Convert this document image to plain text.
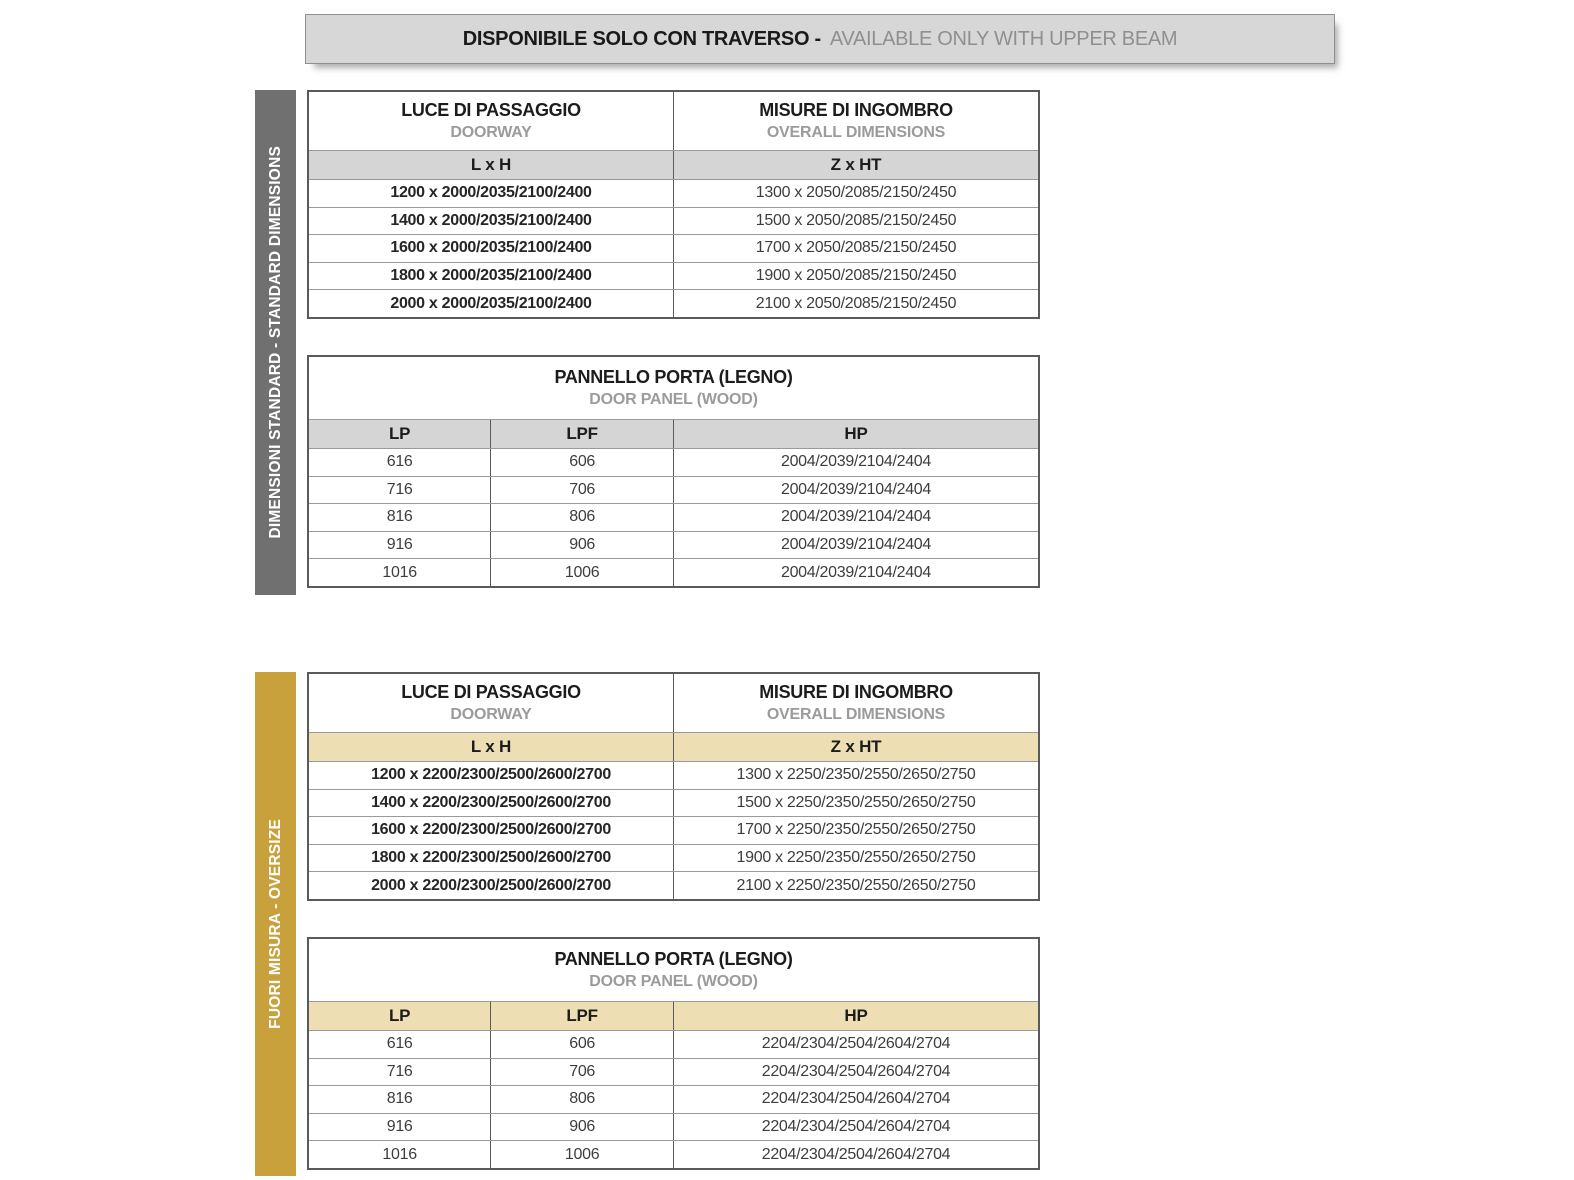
DISPONIBILE SOLO CON TRAVERSO - AVAILABLE ONLY WITH UPPER BEAM
DIMENSIONI STANDARD - STANDARD DIMENSIONS
LUCE DI PASSAGGIO
DOORWAY

MISURE DI INGOMBRO
OVERALL DIMENSIONS

L x H	Z x HT
1200 x 2000/2035/2100/2400	1300 x 2050/2085/2150/2450
1400 x 2000/2035/2100/2400	1500 x 2050/2085/2150/2450
1600 x 2000/2035/2100/2400	1700 x 2050/2085/2150/2450
1800 x 2000/2035/2100/2400	1900 x 2050/2085/2150/2450
2000 x 2000/2035/2100/2400	2100 x 2050/2085/2150/2450
PANNELLO PORTA (LEGNO)
DOOR PANEL (WOOD)		

LP	LPF	HP
616	606	2004/2039/2104/2404
716	706	2004/2039/2104/2404
816	806	2004/2039/2104/2404
916	906	2004/2039/2104/2404
1016	1006	2004/2039/2104/2404
FUORI MISURA - OVERSIZE
LUCE DI PASSAGGIO
DOORWAY

MISURE DI INGOMBRO
OVERALL DIMENSIONS

L x H	Z x HT
1200 x 2200/2300/2500/2600/2700	1300 x 2250/2350/2550/2650/2750
1400 x 2200/2300/2500/2600/2700	1500 x 2250/2350/2550/2650/2750
1600 x 2200/2300/2500/2600/2700	1700 x 2250/2350/2550/2650/2750
1800 x 2200/2300/2500/2600/2700	1900 x 2250/2350/2550/2650/2750
2000 x 2200/2300/2500/2600/2700	2100 x 2250/2350/2550/2650/2750
PANNELLO PORTA (LEGNO)
DOOR PANEL (WOOD)		

LP	LPF	HP
616	606	2204/2304/2504/2604/2704
716	706	2204/2304/2504/2604/2704
816	806	2204/2304/2504/2604/2704
916	906	2204/2304/2504/2604/2704
1016	1006	2204/2304/2504/2604/2704
